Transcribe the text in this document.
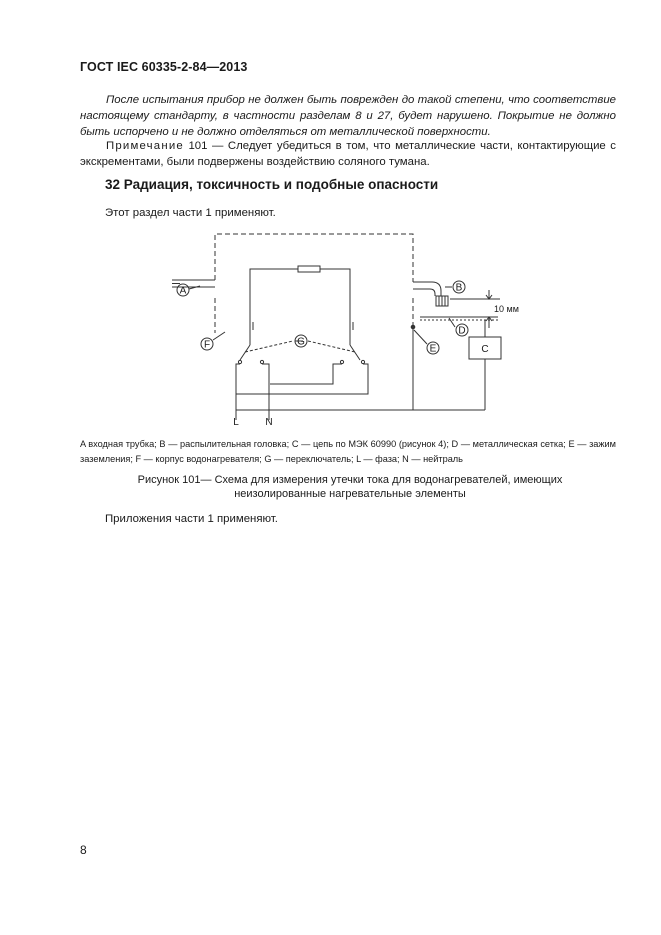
ГОСТ IEC 60335-2-84—2013
После испытания прибор не должен быть поврежден до такой степени, что соответствие настоящему стандарту, в частности разделам 8 и 27, будет нарушено. Покрытие не должно быть испорчено и не должно отделяться от металлической поверхности.
Примечание 101 — Следует убедиться в том, что металлические части, контактирующие с экскрементами, были подвержены воздействию соляного тумана.
32 Радиация, токсичность и подобные опасности
Этот раздел части 1 применяют.
A	B
C
D
E
F	G
L	N
10 мм
A входная трубка; B — распылительная головка; C — цепь по МЭК 60990 (рисунок 4); D — металлическая сетка; E — зажим заземления; F — корпус водонагревателя; G — переключатель; L — фаза; N — нейтраль
Рисунок 101— Схема для измерения утечки тока для водонагревателей, имеющих неизолированные нагревательные элементы
Приложения части 1 применяют.
8
